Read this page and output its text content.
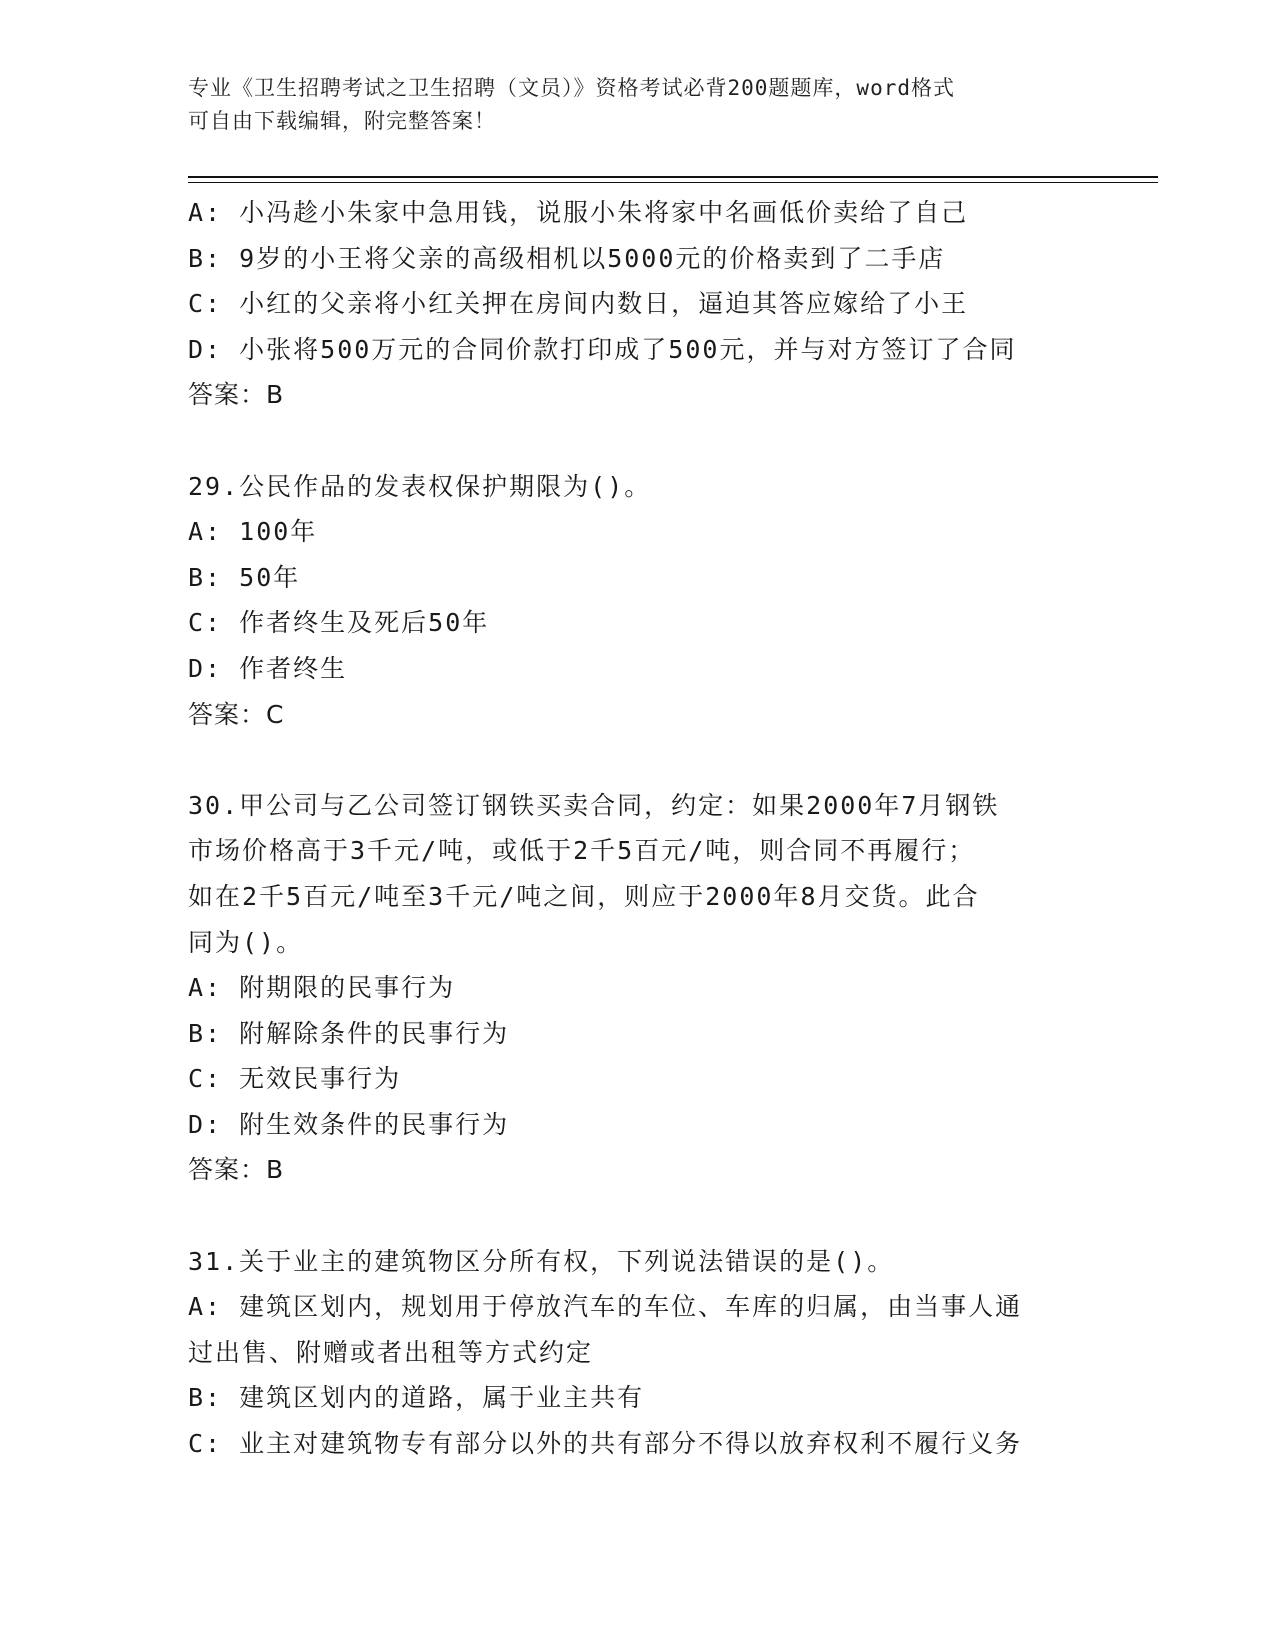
专业《卫生招聘考试之卫生招聘（文员）》资格考试必背200题题库，word格式
可自由下载编辑，附完整答案！
A: 小冯趁小朱家中急用钱，说服小朱将家中名画低价卖给了自己
B: 9岁的小王将父亲的高级相机以5000元的价格卖到了二手店
C: 小红的父亲将小红关押在房间内数日，逼迫其答应嫁给了小王
D: 小张将500万元的合同价款打印成了500元，并与对方签订了合同
答案：B
29.公民作品的发表权保护期限为()。
A: 100年
B: 50年
C: 作者终生及死后50年
D: 作者终生
答案：C
30.甲公司与乙公司签订钢铁买卖合同，约定：如果2000年7月钢铁
市场价格高于3千元/吨，或低于2千5百元/吨，则合同不再履行；
如在2千5百元/吨至3千元/吨之间，则应于2000年8月交货。此合
同为()。
A: 附期限的民事行为
B: 附解除条件的民事行为
C: 无效民事行为
D: 附生效条件的民事行为
答案：B
31.关于业主的建筑物区分所有权，下列说法错误的是()。
A: 建筑区划内，规划用于停放汽车的车位、车库的归属，由当事人通
过出售、附赠或者出租等方式约定
B: 建筑区划内的道路，属于业主共有
C: 业主对建筑物专有部分以外的共有部分不得以放弃权利不履行义务
